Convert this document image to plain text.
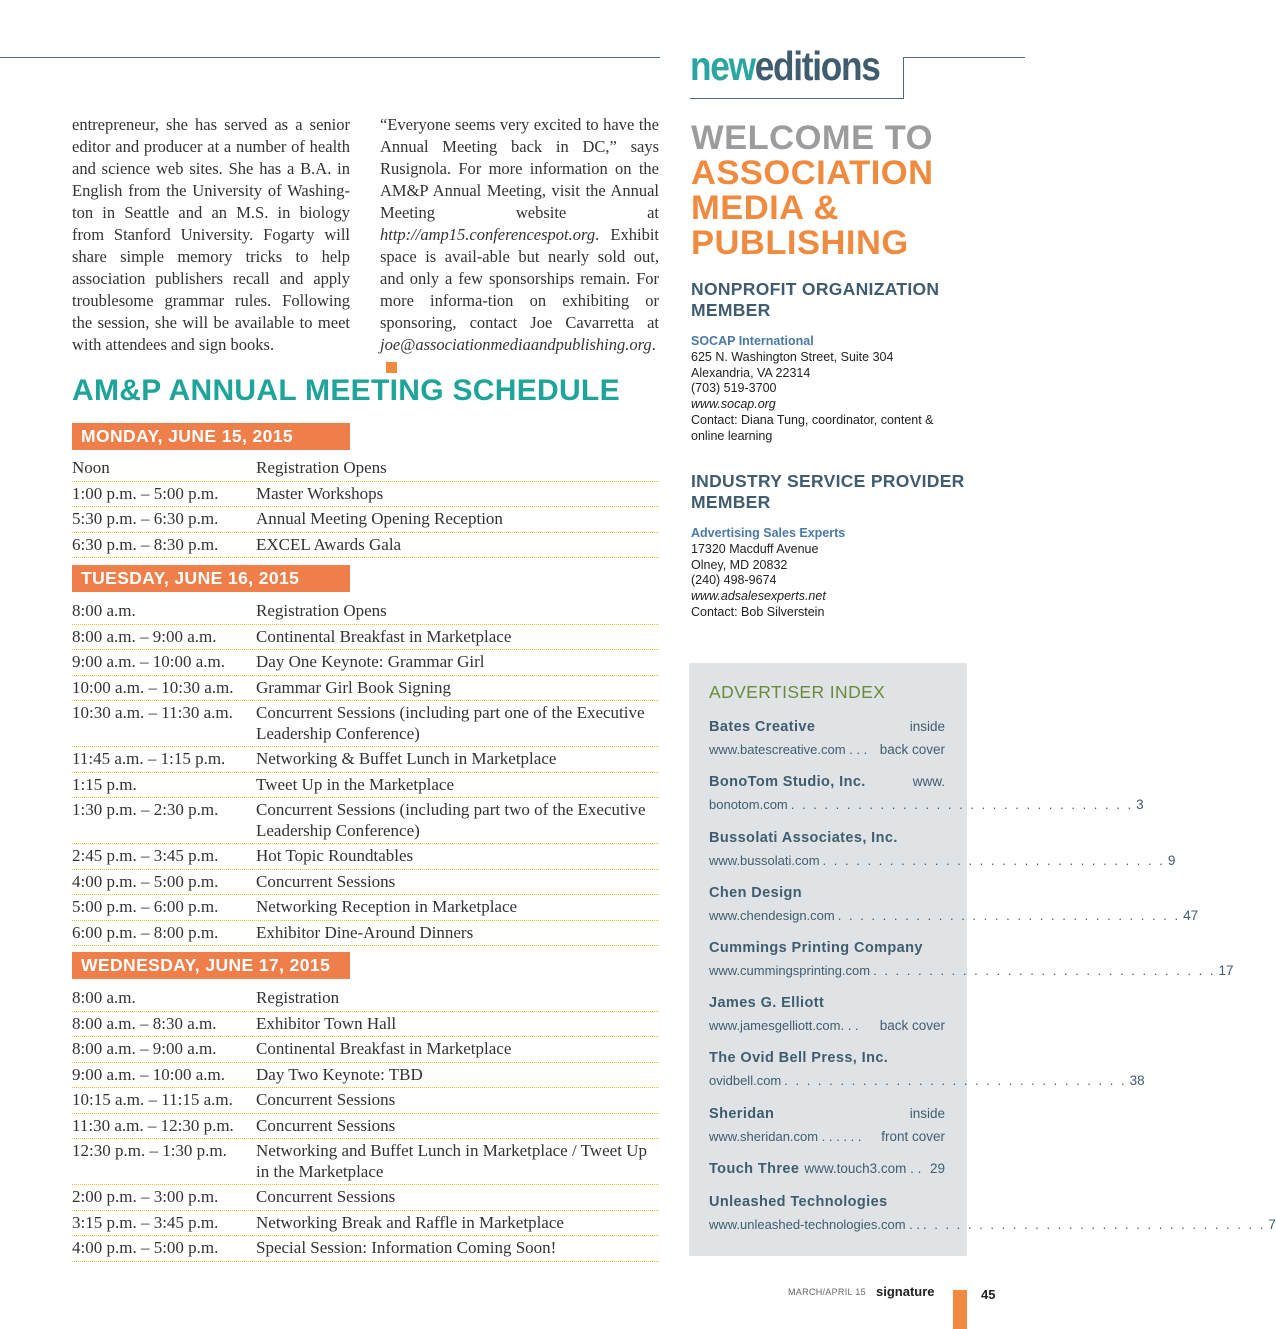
neweditions
entrepreneur, she has served as a senior editor and producer at a number of health and science web sites. She has a B.A. in English from the University of Washing-ton in Seattle and an M.S. in biology from Stanford University. Fogarty will share simple memory tricks to help association publishers recall and apply troublesome grammar rules. Following the session, she will be available to meet with attendees and sign books.
“Everyone seems very excited to have the Annual Meeting back in DC,” says Rusignola. For more information on the AM&P Annual Meeting, visit the Annual Meeting website at http://amp15.conferencespot.org. Exhibit space is avail-able but nearly sold out, and only a few sponsorships remain. For more informa-tion on exhibiting or sponsoring, contact Joe Cavarretta at joe@associationmediaandpublishing.org.
AM&P ANNUAL MEETING SCHEDULE
MONDAY, JUNE 15, 2015
Noon	Registration Opens
1:00 p.m. – 5:00 p.m.	Master Workshops
5:30 p.m. – 6:30 p.m.	Annual Meeting Opening Reception
6:30 p.m. – 8:30 p.m.	EXCEL Awards Gala
TUESDAY, JUNE 16, 2015
8:00 a.m.	Registration Opens
8:00 a.m. – 9:00 a.m.	Continental Breakfast in Marketplace
9:00 a.m. – 10:00 a.m.	Day One Keynote: Grammar Girl
10:00 a.m. – 10:30 a.m.	Grammar Girl Book Signing
10:30 a.m. – 11:30 a.m.	Concurrent Sessions (including part one of the Executive Leadership Conference)
11:45 a.m. – 1:15 p.m.	Networking & Buffet Lunch in Marketplace
1:15 p.m.	Tweet Up in the Marketplace
1:30 p.m. – 2:30 p.m.	Concurrent Sessions (including part two of the Executive Leadership Conference)
2:45 p.m. – 3:45 p.m.	Hot Topic Roundtables
4:00 p.m. – 5:00 p.m.	Concurrent Sessions
5:00 p.m. – 6:00 p.m.	Networking Reception in Marketplace
6:00 p.m. – 8:00 p.m.	Exhibitor Dine-Around Dinners
WEDNESDAY, JUNE 17, 2015
8:00 a.m.	Registration
8:00 a.m. – 8:30 a.m.	Exhibitor Town Hall
8:00 a.m. – 9:00 a.m.	Continental Breakfast in Marketplace
9:00 a.m. – 10:00 a.m.	Day Two Keynote: TBD
10:15 a.m. – 11:15 a.m.	Concurrent Sessions
11:30 a.m. – 12:30 p.m.	Concurrent Sessions
12:30 p.m. – 1:30 p.m.	Networking and Buffet Lunch in Marketplace / Tweet Up in the Marketplace
2:00 p.m. – 3:00 p.m.	Concurrent Sessions
3:15 p.m. – 3:45 p.m.	Networking Break and Raffle in Marketplace
4:00 p.m. – 5:00 p.m.	Special Session: Information Coming Soon!
WELCOME TO
ASSOCIATION
MEDIA &
PUBLISHING
NONPROFIT ORGANIZATION MEMBER
SOCAP International
625 N. Washington Street, Suite 304
Alexandria, VA 22314
(703) 519-3700
www.socap.org
Contact: Diana Tung, coordinator, content & online learning
INDUSTRY SERVICE PROVIDER MEMBER
Advertising Sales Experts
17320 Macduff Avenue
Olney, MD 20832
(240) 498-9674
www.adsalesexperts.net
Contact: Bob Silverstein
ADVERTISER INDEX
Bates Creative	inside
www.batescreative.com . . . back cover
BonoTom Studio, Inc.	www.
bonotom.com . . . . . . . . . . . . . . . . . . . . . . . . . . . . . . . 3
Bussolati Associates, Inc.
www.bussolati.com . . . . . . . . . . . . . . . . . . . . . . . . . . . . . . . 9
Chen Design
www.chendesign.com . . . . . . . . . . . . . . . . . . . . . . . . . . . . . . . 47
Cummings Printing Company
www.cummingsprinting.com . . . . . . . . . . . . . . . . . . . . . . . . . . . . . . . 17
James G. Elliott
www.jamesgelliott.com. . . back cover
The Ovid Bell Press, Inc.
ovidbell.com . . . . . . . . . . . . . . . . . . . . . . . . . . . . . . . 38
Sheridan	inside
www.sheridan.com . . . . . . front cover
Touch Three www.touch3.com . . 29
Unleashed Technologies
www.unleashed-technologies.com . . . . . . . . . . . . . . . . . . . . . . . . . . . . . . . . . 7
MARCH/APRIL 15 signature	45
